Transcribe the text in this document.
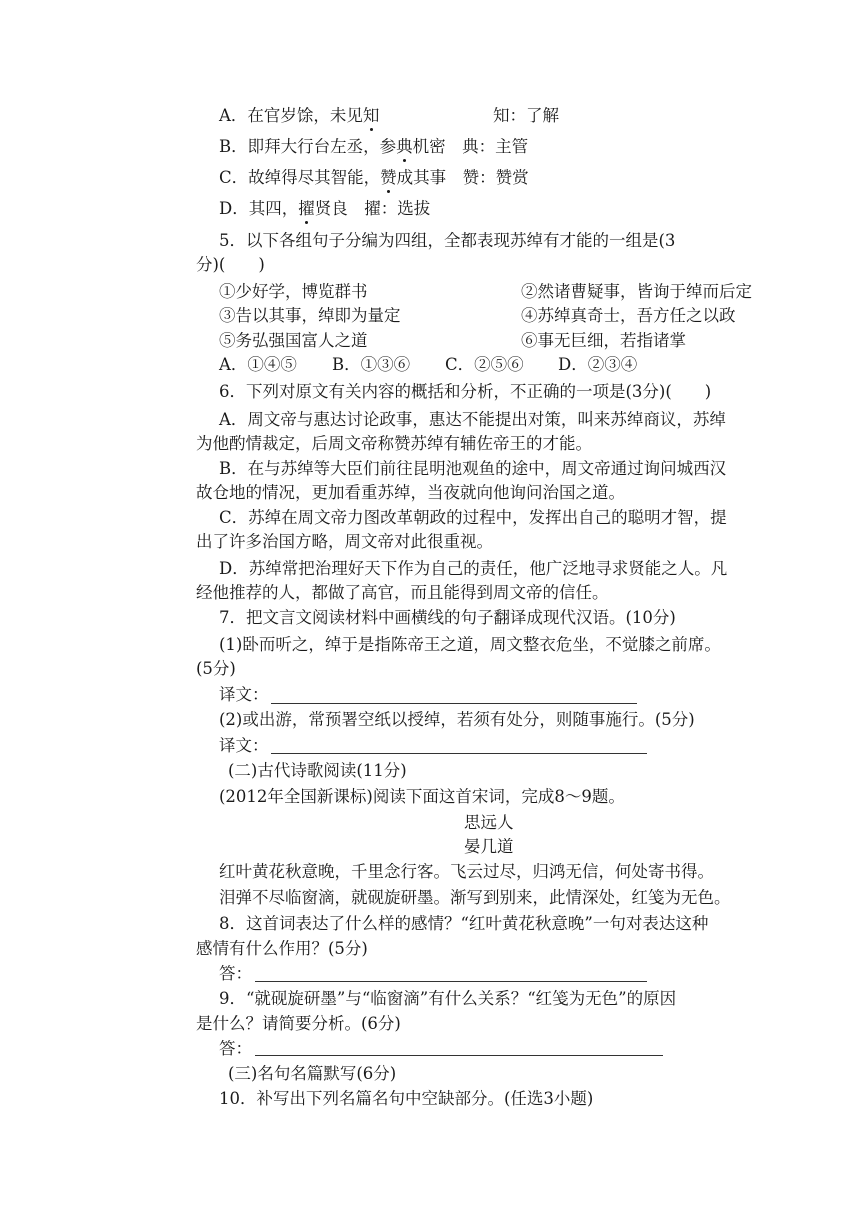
A．在官岁馀，未见知	知：了解
B．即拜大行台左丞，参典机密　典：主管
C．故绰得尽其智能，赞成其事　赞：赞赏
D．其四，擢贤良　擢：选拔
5．以下各组句子分编为四组，全都表现苏绰有才能的一组是(3
分)(　　)
①少好学，博览群书	②然诸曹疑事，皆询于绰而后定
③告以其事，绰即为量定	④苏绰真奇士，吾方任之以政
⑤务弘强国富人之道	⑥事无巨细，若指诸掌
A．①④⑤ B．①③⑥ C．②⑤⑥ D．②③④
6．下列对原文有关内容的概括和分析，不正确的一项是(3分)(　　)
A．周文帝与惠达讨论政事，惠达不能提出对策，叫来苏绰商议，苏绰
为他酌情裁定，后周文帝称赞苏绰有辅佐帝王的才能。
B．在与苏绰等大臣们前往昆明池观鱼的途中，周文帝通过询问城西汉
故仓地的情况，更加看重苏绰，当夜就向他询问治国之道。
C．苏绰在周文帝力图改革朝政的过程中，发挥出自己的聪明才智，提
出了许多治国方略，周文帝对此很重视。
D．苏绰常把治理好天下作为自己的责任，他广泛地寻求贤能之人。凡
经他推荐的人，都做了高官，而且能得到周文帝的信任。
7．把文言文阅读材料中画横线的句子翻译成现代汉语。(10分)
(1)卧而听之，绰于是指陈帝王之道，周文整衣危坐，不觉膝之前席。
(5分)
译文：
(2)或出游，常预署空纸以授绰，若须有处分，则随事施行。(5分)
译文：
(二)古代诗歌阅读(11分)
(2012年全国新课标)阅读下面这首宋词，完成8～9题。
思远人
晏几道
红叶黄花秋意晚，千里念行客。飞云过尽，归鸿无信，何处寄书得。
泪弹不尽临窗滴，就砚旋研墨。渐写到别来，此情深处，红笺为无色。
8．这首词表达了什么样的感情？“红叶黄花秋意晚”一句对表达这种
感情有什么作用？(5分)
答：
9．“就砚旋研墨”与“临窗滴”有什么关系？“红笺为无色”的原因
是什么？请简要分析。(6分)
答：
(三)名句名篇默写(6分)
10．补写出下列名篇名句中空缺部分。(任选3小题)
